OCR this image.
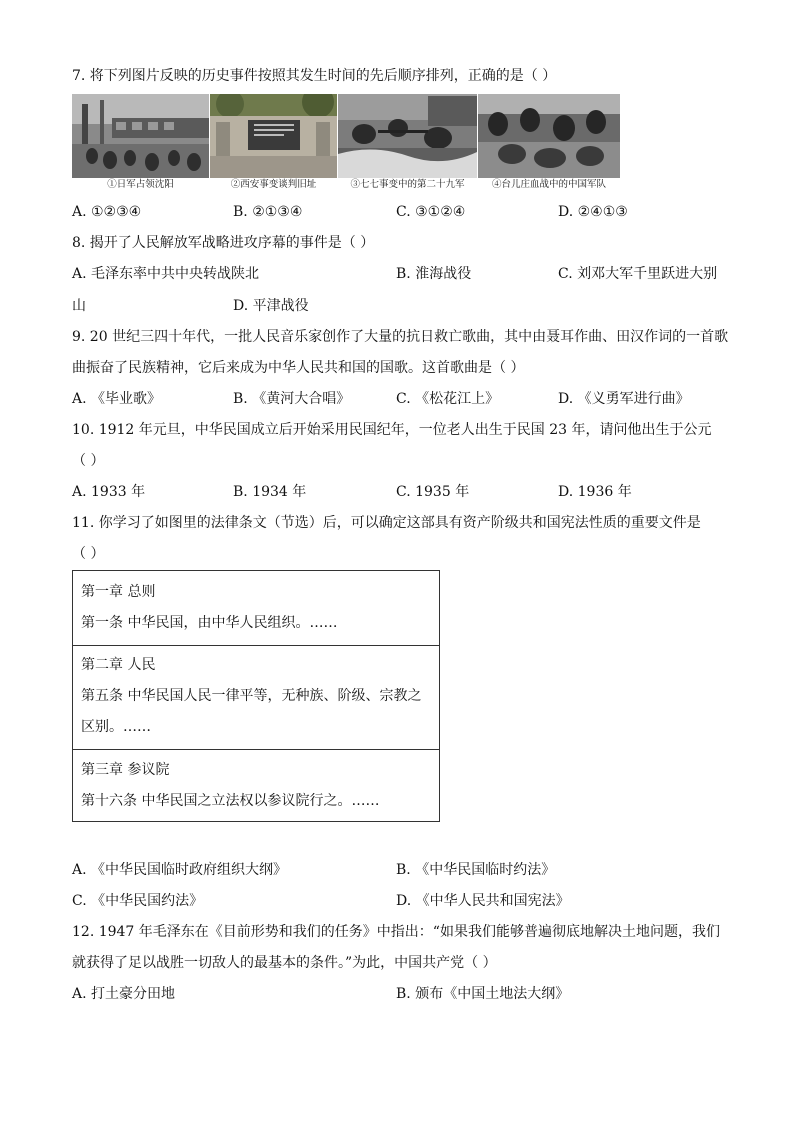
7. 将下列图片反映的历史事件按照其发生时间的先后顺序排列，正确的是（ ）
①日军占领沈阳	②西安事变谈判旧址	③七七事变中的第二十九军	④台儿庄血战中的中国军队
A. ①②③④	B. ②①③④	C. ③①②④	D. ②④①③
8. 揭开了人民解放军战略进攻序幕的事件是（ ）
A. 毛泽东率中共中央转战陕北	B. 淮海战役	C. 刘邓大军千里跃进大别
山	D. 平津战役
9. 20 世纪三四十年代，一批人民音乐家创作了大量的抗日救亡歌曲，其中由聂耳作曲、田汉作词的一首歌
曲振奋了民族精神，它后来成为中华人民共和国的国歌。这首歌曲是（ ）
A. 《毕业歌》	B. 《黄河大合唱》	C. 《松花江上》	D. 《义勇军进行曲》
10. 1912 年元旦，中华民国成立后开始采用民国纪年，一位老人出生于民国 23 年，请问他出生于公元
（ ）
A. 1933 年	B. 1934 年	C. 1935 年	D. 1936 年
11. 你学习了如图里的法律条文（节选）后，可以确定这部具有资产阶级共和国宪法性质的重要文件是
（ ）
第一章 总则
第一条 中华民国，由中华人民组织。……
第二章 人民
第五条 中华民国人民一律平等，无种族、阶级、宗教之
区别。……
第三章 参议院
第十六条 中华民国之立法权以参议院行之。……
A. 《中华民国临时政府组织大纲》	B. 《中华民国临时约法》
C. 《中华民国约法》	D. 《中华人民共和国宪法》
12. 1947 年毛泽东在《目前形势和我们的任务》中指出：“如果我们能够普遍彻底地解决土地问题，我们
就获得了足以战胜一切敌人的最基本的条件。”为此，中国共产党（ ）
A. 打土豪分田地	B. 颁布《中国土地法大纲》
